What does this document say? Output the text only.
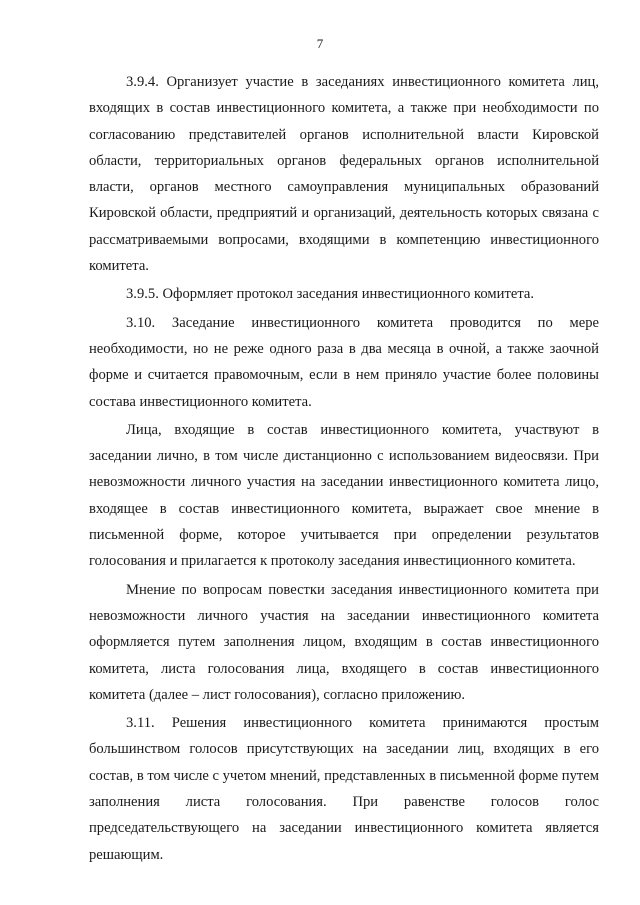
7

3.9.4. Организует участие в заседаниях инвестиционного комитета лиц, входящих в состав инвестиционного комитета, а также при необходимости по согласованию представителей органов исполнительной власти Кировской области, территориальных органов федеральных органов исполнительной власти, органов местного самоуправления муниципальных образований Кировской области, предприятий и организаций, деятельность которых связана с рассматриваемыми вопросами, входящими в компетенцию инвестиционного комитета.

3.9.5. Оформляет протокол заседания инвестиционного комитета.

3.10. Заседание инвестиционного комитета проводится по мере необходимости, но не реже одного раза в два месяца в очной, а также заочной форме и считается правомочным, если в нем приняло участие более половины состава инвестиционного комитета.

Лица, входящие в состав инвестиционного комитета, участвуют в заседании лично, в том числе дистанционно с использованием видеосвязи. При невозможности личного участия на заседании инвестиционного комитета лицо, входящее в состав инвестиционного комитета, выражает свое мнение в письменной форме, которое учитывается при определении результатов голосования и прилагается к протоколу заседания инвестиционного комитета.

Мнение по вопросам повестки заседания инвестиционного комитета при невозможности личного участия на заседании инвестиционного комитета оформляется путем заполнения лицом, входящим в состав инвестиционного комитета, листа голосования лица, входящего в состав инвестиционного комитета (далее – лист голосования), согласно приложению.

3.11. Решения инвестиционного комитета принимаются простым большинством голосов присутствующих на заседании лиц, входящих в его состав, в том числе с учетом мнений, представленных в письменной форме путем заполнения листа голосования. При равенстве голосов голос председательствующего на заседании инвестиционного комитета является решающим.
